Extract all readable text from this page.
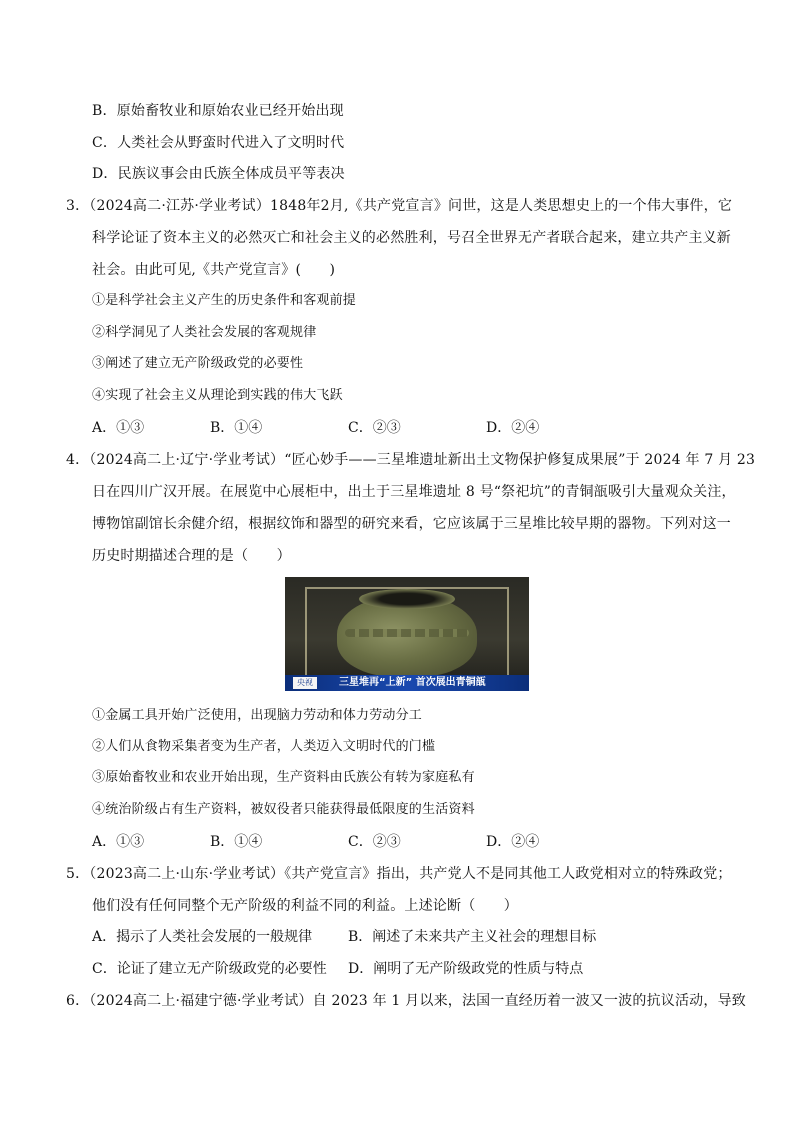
B．原始畜牧业和原始农业已经开始出现
C．人类社会从野蛮时代进入了文明时代
D．民族议事会由氏族全体成员平等表决
3．（2024高二·江苏·学业考试）1848年2月,《共产党宣言》问世，这是人类思想史上的一个伟大事件，它
科学论证了资本主义的必然灭亡和社会主义的必然胜利，号召全世界无产者联合起来，建立共产主义新
社会。由此可见,《共产党宣言》(　　)
①是科学社会主义产生的历史条件和客观前提
②科学洞见了人类社会发展的客观规律
③阐述了建立无产阶级政党的必要性
④实现了社会主义从理论到实践的伟大飞跃
A．①③	B．①④	C．②③	D．②④
4．（2024高二上·辽宁·学业考试）“匠心妙手——三星堆遗址新出土文物保护修复成果展”于 2024 年 7 月 23
日在四川广汉开展。在展览中心展柜中，出土于三星堆遗址 8 号“祭祀坑”的青铜瓿吸引大量观众关注，
博物馆副馆长余健介绍，根据纹饰和器型的研究来看，它应该属于三星堆比较早期的器物。下列对这一
历史时期描述合理的是（　　）
央视	三星堆再“上新” 首次展出青铜瓿
①金属工具开始广泛使用，出现脑力劳动和体力劳动分工
②人们从食物采集者变为生产者，人类迈入文明时代的门槛
③原始畜牧业和农业开始出现，生产资料由氏族公有转为家庭私有
④统治阶级占有生产资料，被奴役者只能获得最低限度的生活资料
A．①③	B．①④	C．②③	D．②④
5．（2023高二上·山东·学业考试）《共产党宣言》指出，共产党人不是同其他工人政党相对立的特殊政党；
他们没有任何同整个无产阶级的利益不同的利益。上述论断（　　）
A．揭示了人类社会发展的一般规律	B．阐述了未来共产主义社会的理想目标
C．论证了建立无产阶级政党的必要性 D．阐明了无产阶级政党的性质与特点
6．（2024高二上·福建宁德·学业考试）自 2023 年 1 月以来，法国一直经历着一波又一波的抗议活动，导致
